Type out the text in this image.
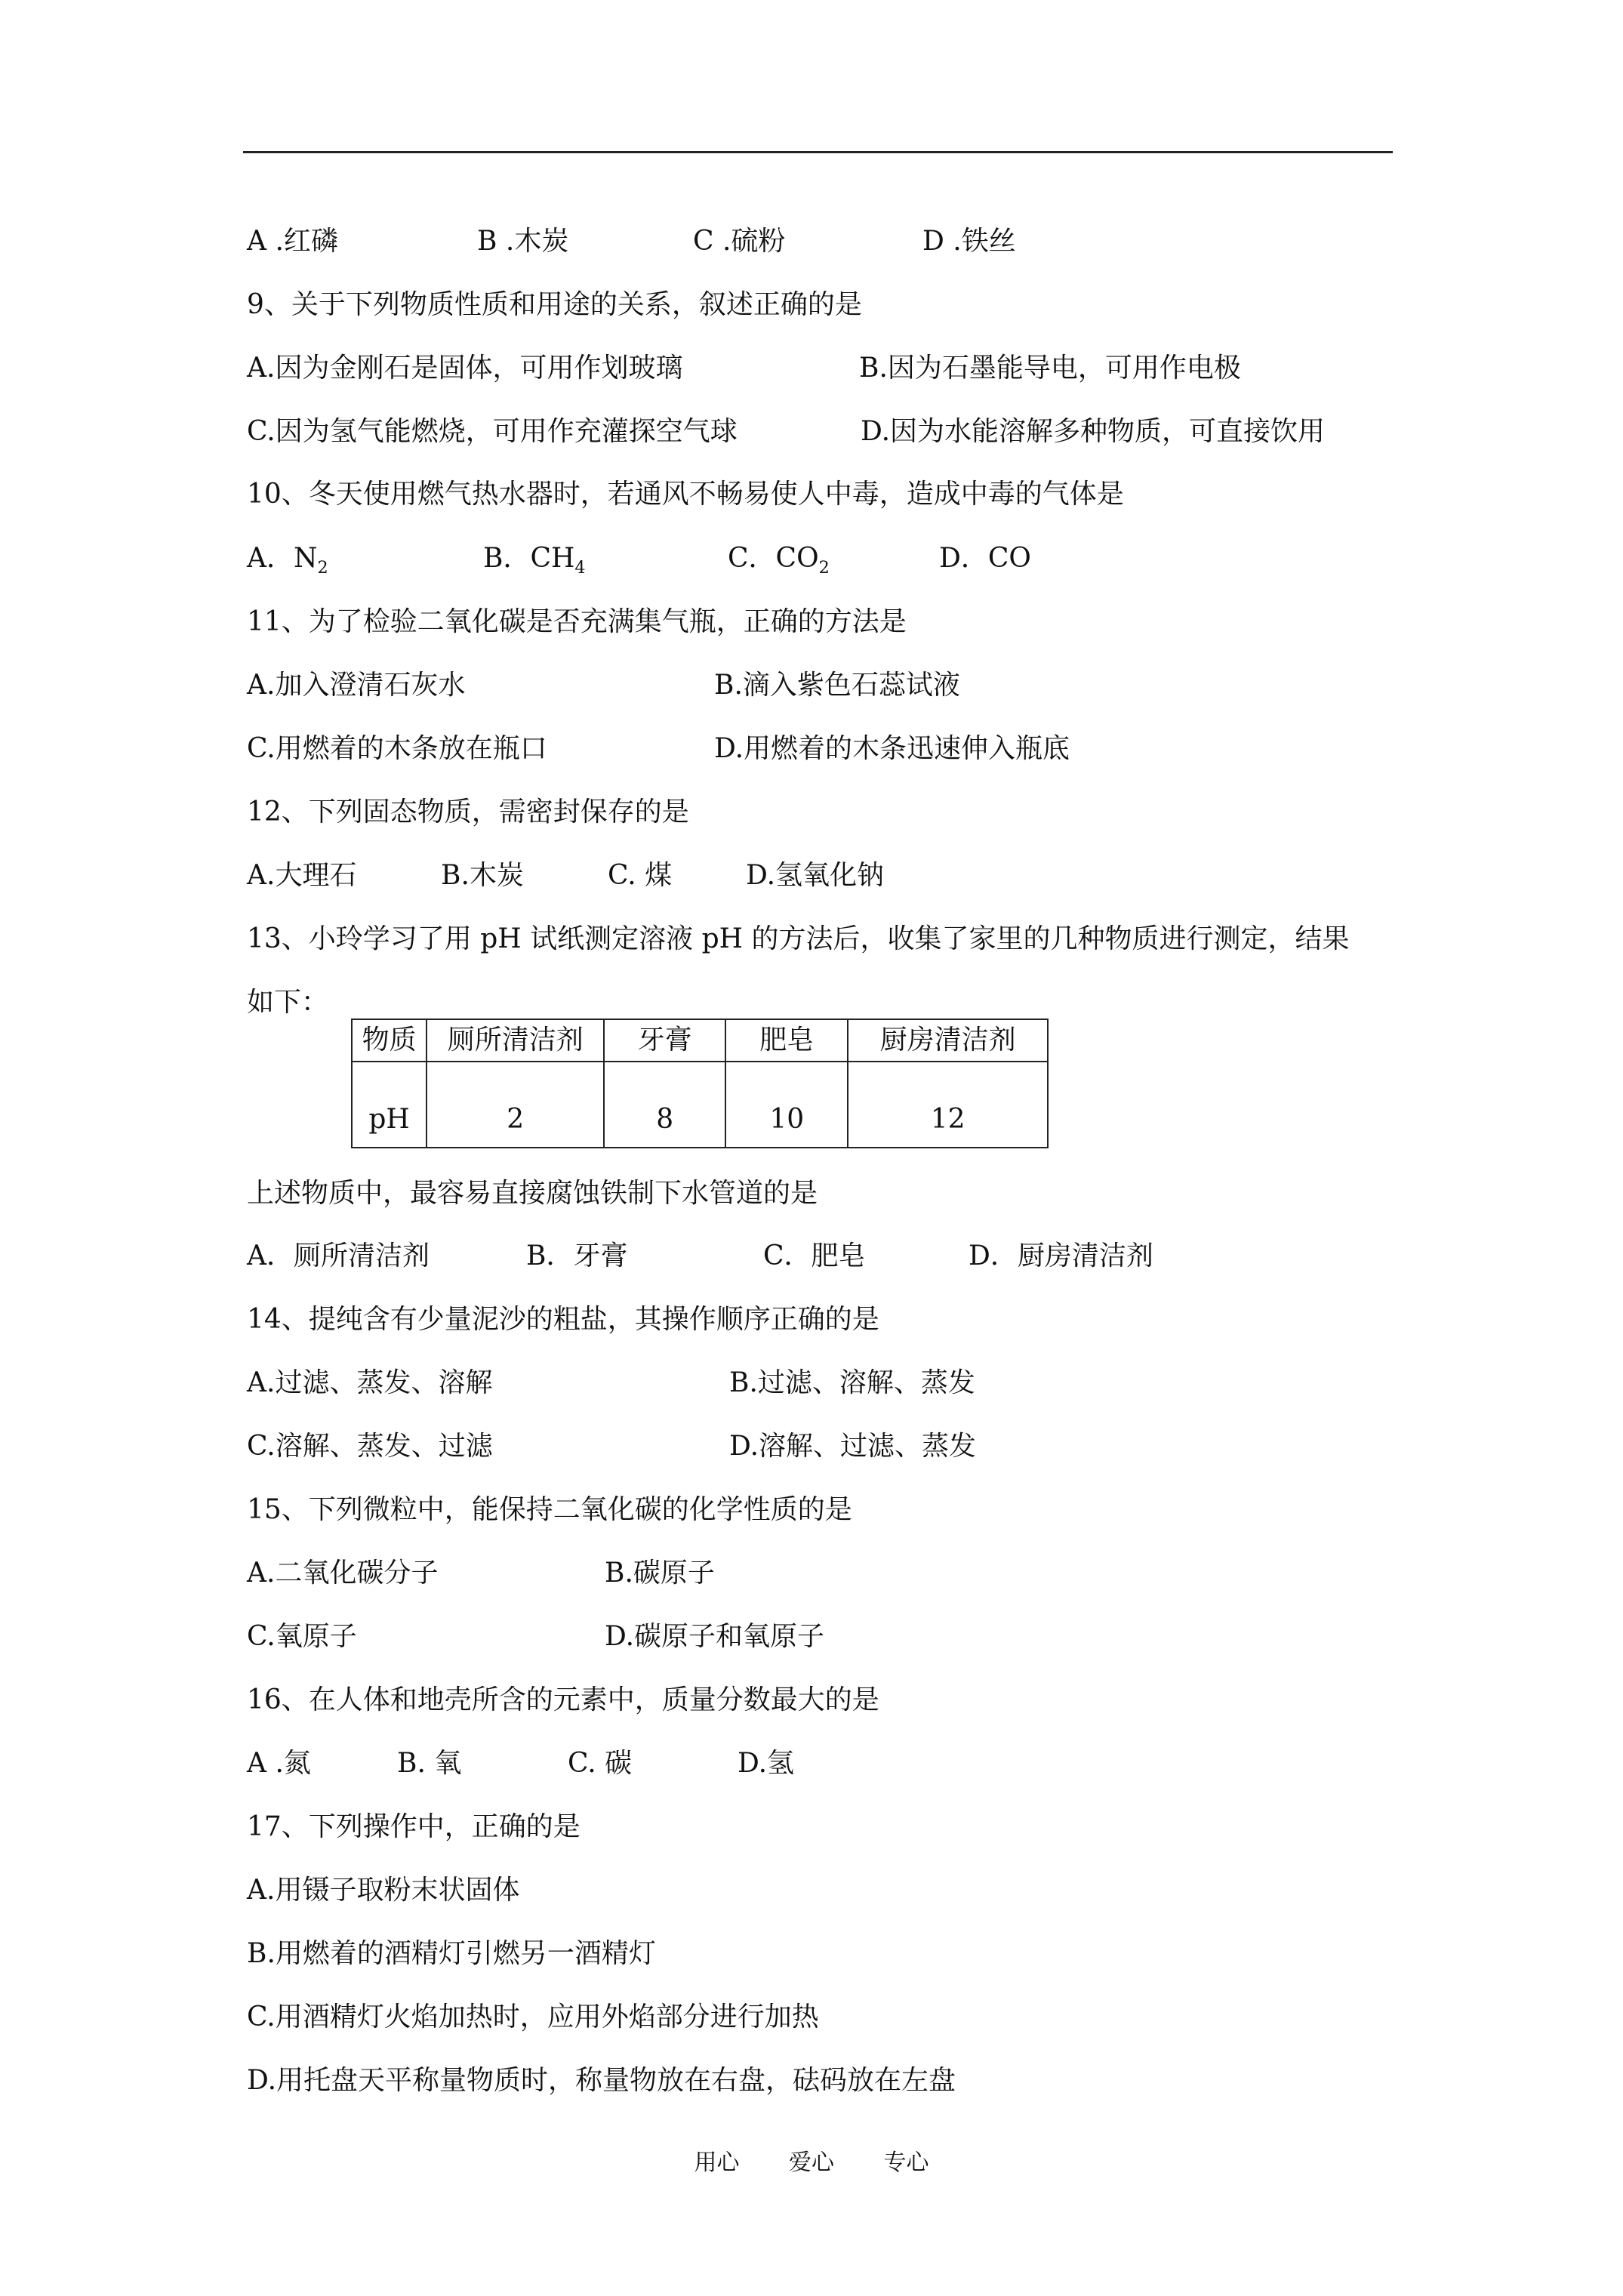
A .红磷	B .木炭	C .硫粉	D .铁丝
9、关于下列物质性质和用途的关系，叙述正确的是
A.因为金刚石是固体，可用作划玻璃	B.因为石墨能导电，可用作电极
C.因为氢气能燃烧，可用作充灌探空气球	D.因为水能溶解多种物质，可直接饮用
10、冬天使用燃气热水器时，若通风不畅易使人中毒，造成中毒的气体是
A．$N_2$	B．$CH_4$	C．$CO_2$	D．CO
11、为了检验二氧化碳是否充满集气瓶，正确的方法是
A.加入澄清石灰水	B.滴入紫色石蕊试液
C.用燃着的木条放在瓶口	D.用燃着的木条迅速伸入瓶底
12、下列固态物质，需密封保存的是
A.大理石	B.木炭	C. 煤	D.氢氧化钠
13、小玲学习了用 pH 试纸测定溶液 pH 的方法后，收集了家里的几种物质进行测定，结果
如下：
物质	厕所清洁剂	牙膏	肥皂	厨房清洁剂
pH	2	8	10	12
上述物质中，最容易直接腐蚀铁制下水管道的是
A．厕所清洁剂	B．牙膏	C．肥皂	D．厨房清洁剂
14、提纯含有少量泥沙的粗盐，其操作顺序正确的是
A.过滤、蒸发、溶解	B.过滤、溶解、蒸发
C.溶解、蒸发、过滤	D.溶解、过滤、蒸发
15、下列微粒中，能保持二氧化碳的化学性质的是
A.二氧化碳分子	B.碳原子
C.氧原子	D.碳原子和氧原子
16、在人体和地壳所含的元素中，质量分数最大的是
A .氮	B. 氧	C. 碳	D.氢
17、下列操作中，正确的是
A.用镊子取粉末状固体
B.用燃着的酒精灯引燃另一酒精灯
C.用酒精灯火焰加热时，应用外焰部分进行加热
D.用托盘天平称量物质时，称量物放在右盘，砝码放在左盘
用心 爱心 专心
